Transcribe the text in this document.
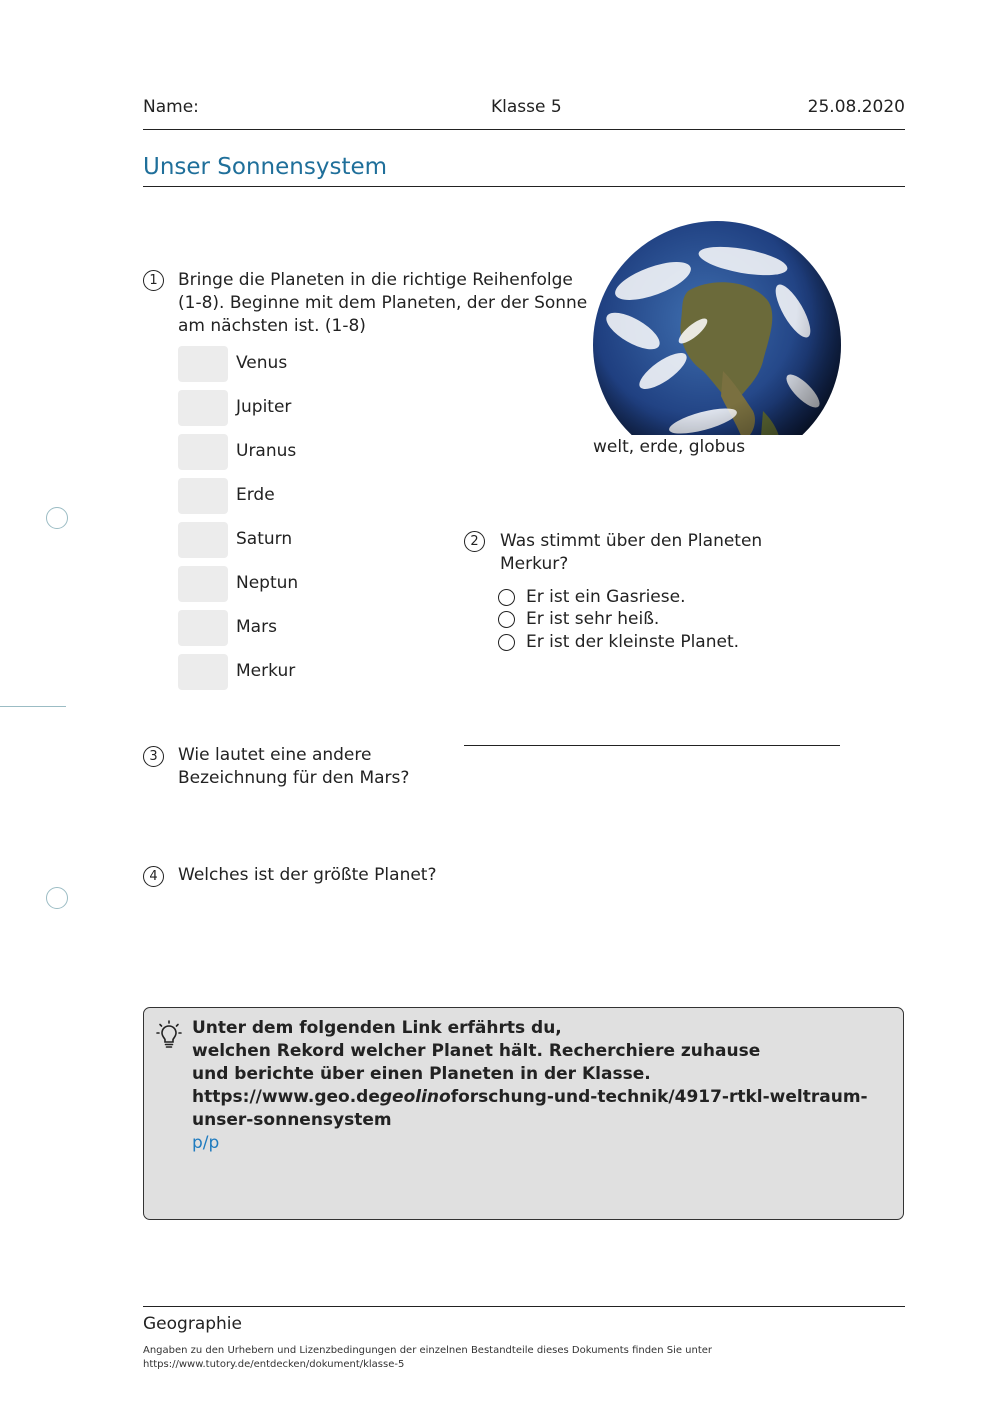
Name:	Klasse 5	25.08.2020
Unser Sonnensystem
1	Bringe die Planeten in die richtige Reihenfolge (1-8). Beginne mit dem Planeten, der der Sonne am nächsten ist. (1-8)
Venus
Jupiter
Uranus
Erde
Saturn
Neptun
Mars
Merkur
welt, erde, globus
2	Was stimmt über den Planeten Merkur?
Er ist ein Gasriese.
Er ist sehr heiß.
Er ist der kleinste Planet.
3	Wie lautet eine andere Bezeichnung für den Mars?
4	Welches ist der größte Planet?
Unter dem folgenden Link erfährts du,
welchen Rekord welcher Planet hält. Recherchiere zuhause
und berichte über einen Planeten in der Klasse.
https://www.geo.degeolinoforschung-und-technik/4917-rtkl-weltraum-unser-sonnensystem
p/p
Geographie
Angaben zu den Urhebern und Lizenzbedingungen der einzelnen Bestandteile dieses Dokuments finden Sie unter
https://www.tutory.de/entdecken/dokument/klasse-5
